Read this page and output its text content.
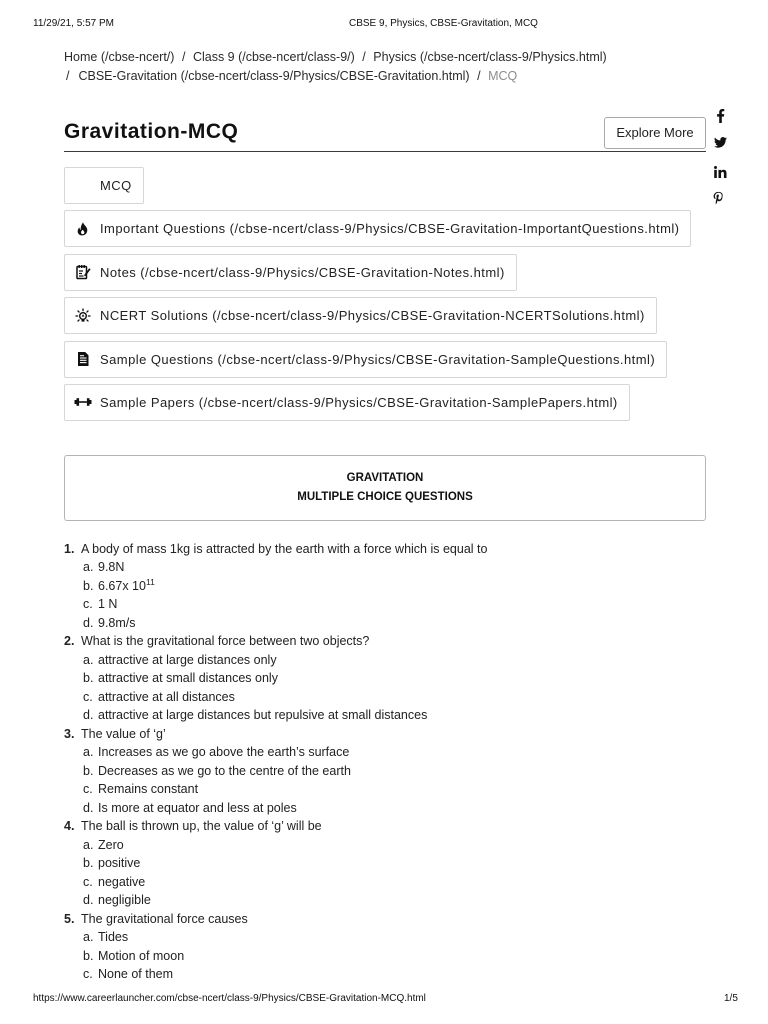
11/29/21, 5:57 PM	CBSE 9, Physics, CBSE-Gravitation, MCQ
Home (/cbse-ncert/) / Class 9 (/cbse-ncert/class-9/) / Physics (/cbse-ncert/class-9/Physics.html)
/ CBSE-Gravitation (/cbse-ncert/class-9/Physics/CBSE-Gravitation.html) / MCQ
Gravitation-MCQ	Explore More
MCQ
Important Questions (/cbse-ncert/class-9/Physics/CBSE-Gravitation-ImportantQuestions.html)
Notes (/cbse-ncert/class-9/Physics/CBSE-Gravitation-Notes.html)
NCERT Solutions (/cbse-ncert/class-9/Physics/CBSE-Gravitation-NCERTSolutions.html)
Sample Questions (/cbse-ncert/class-9/Physics/CBSE-Gravitation-SampleQuestions.html)
Sample Papers (/cbse-ncert/class-9/Physics/CBSE-Gravitation-SamplePapers.html)
GRAVITATION
MULTIPLE CHOICE QUESTIONS
1. A body of mass 1kg is attracted by the earth with a force which is equal to
a. 9.8N
b. 6.67x $10^{11}$
c. 1 N
d. 9.8m/s
2. What is the gravitational force between two objects?
a. attractive at large distances only
b. attractive at small distances only
c. attractive at all distances
d. attractive at large distances but repulsive at small distances
3. The value of ‘g’
a. Increases as we go above the earth’s surface
b. Decreases as we go to the centre of the earth
c. Remains constant
d. Is more at equator and less at poles
4. The ball is thrown up, the value of ‘g’ will be
a. Zero
b. positive
c. negative
d. negligible
5. The gravitational force causes
a. Tides
b. Motion of moon
c. None of them
https://www.careerlauncher.com/cbse-ncert/class-9/Physics/CBSE-Gravitation-MCQ.html	1/5
